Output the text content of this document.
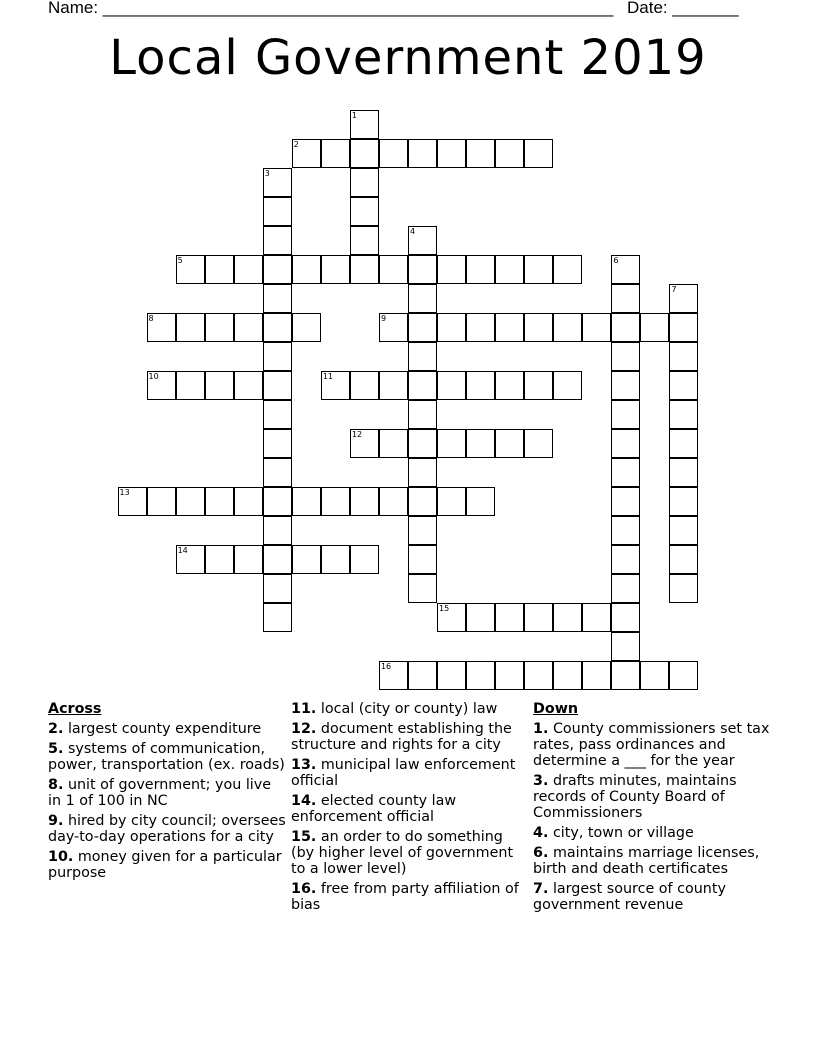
Name: ______________________________________________________ Date: _______
Local Government 2019
1
2
3
4
5	6
7
8	9
10	11
12
13
14
15
16
Across
2. largest county expenditure
5. systems of communication, power, transportation (ex. roads)
8. unit of government; you live in 1 of 100 in NC
9. hired by city council; oversees day-to-day operations for a city
10. money given for a particular purpose
11. local (city or county) law
12. document establishing the structure and rights for a city
13. municipal law enforcement official
14. elected county law enforcement official
15. an order to do something (by higher level of government to a lower level)
16. free from party affiliation of bias
Down
1. County commissioners set tax rates, pass ordinances and determine a ___ for the year
3. drafts minutes, maintains records of County Board of Commissioners
4. city, town or village
6. maintains marriage licenses, birth and death certificates
7. largest source of county government revenue
